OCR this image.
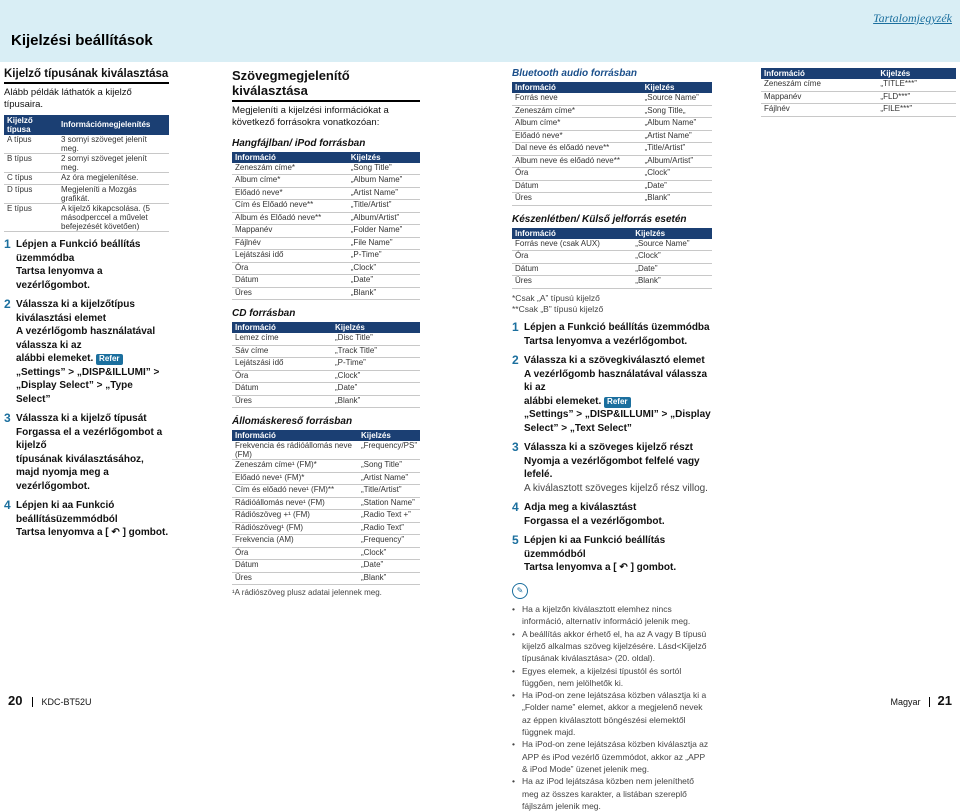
Kijelzési beállítások
Tartalomjegyzék
Kijelző típusának kiválasztása
Alább példák láthatók a kijelző típusaira.
Kijelző típusa	Információmegjelenítés
A típus	3 sornyi szöveget jelenít meg.
B típus	2 sornyi szöveget jelenít meg.
C típus	Az óra megjelenítése.
D típus	Megjeleníti a Mozgás grafikát.
E típus	A kijelző kikapcsolása. (5 másodperccel a művelet befejezését követően)
1 Lépjen a Funkció beállítás üzemmódba
Tartsa lenyomva a vezérlőgombot.
2 Válassza ki a kijelzőtípus kiválasztási elemet
A vezérlőgomb használatával válassza ki az
alábbi elemeket. Refer
„Settings” > „DISP&ILLUMI” > „Display Select” > „Type Select”
3 Válassza ki a kijelző típusát
Forgassa el a vezérlőgombot a kijelző
típusának kiválasztásához, majd nyomja meg a
vezérlőgombot.
4 Lépjen ki aa Funkció beállításüzemmódból
Tartsa lenyomva a [ ↶ ] gombot.
Szövegmegjelenítő kiválasztása
Megjeleníti a kijelzési információkat a következő forrásokra vonatkozóan:
Hangfájlban/ iPod forrásban
Információ	Kijelzés
Zeneszám címe*	„Song Title”
Album címe*	„Album Name”
Előadó neve*	„Artist Name”
Cím és Előadó neve**	„Title/Artist”
Album és Előadó neve**	„Album/Artist”
Mappanév	„Folder Name”
Fájlnév	„File Name”
Lejátszási idő	„P-Time”
Óra	„Clock”
Dátum	„Date”
Üres	„Blank”
CD forrásban
Információ	Kijelzés
Lemez címe	„Disc Title”
Sáv címe	„Track Title”
Lejátszási idő	„P-Time”
Óra	„Clock”
Dátum	„Date”
Üres	„Blank”
Állomáskereső forrásban
Információ	Kijelzés
Frekvencia és rádióállomás neve (FM)	„Frequency/PS”
Zeneszám címe¹ (FM)*	„Song Title”
Előadó neve¹ (FM)*	„Artist Name”
Cím és előadó neve¹ (FM)**	„Title/Artist”
Rádióállomás neve¹ (FM)	„Station Name”
Rádiószöveg +¹ (FM)	„Radio Text +”
Rádiószöveg¹ (FM)	„Radio Text”
Frekvencia (AM)	„Frequency”
Óra	„Clock”
Dátum	„Date”
Üres	„Blank”
¹A rádiószöveg plusz adatai jelennek meg.
Bluetooth audio forrásban
Információ	Kijelzés
Forrás neve	„Source Name”
Zeneszám címe*	„Song Title„
Album címe*	„Album Name”
Előadó neve*	„Artist Name”
Dal neve és előadó neve**	„Title/Artist”
Album neve és előadó neve**	„Album/Artist”
Óra	„Clock”
Dátum	„Date”
Üres	„Blank”
Készenlétben/ Külső jelforrás esetén
Információ	Kijelzés
Forrás neve (csak AUX)	„Source Name”
Óra	„Clock”
Dátum	„Date”
Üres	„Blank”
*Csak „A” típusú kijelző
**Csak „B” típusú kijelző
1 Lépjen a Funkció beállítás üzemmódba
Tartsa lenyomva a vezérlőgombot.
2 Válassza ki a szövegkiválasztó elemet
A vezérlőgomb használatával válassza ki az
alábbi elemeket. Refer
„Settings” > „DISP&ILLUMI” > „Display Select” > „Text Select”
3 Válassza ki a szöveges kijelző részt
Nyomja a vezérlőgombot felfelé vagy lefelé.
A kiválasztott szöveges kijelző rész villog.
4 Adja meg a kiválasztást
Forgassa el a vezérlőgombot.
5 Lépjen ki aa Funkció beállítás üzemmódból
Tartsa lenyomva a [ ↶ ] gombot.
✎
• Ha a kijelzőn kiválasztott elemhez nincs információ, alternatív információ jelenik meg.
• A beállítás akkor érhető el, ha az A vagy B típusú kijelző alkalmas szöveg kijelzésére. Lásd<Kijelző típusának kiválasztása> (20. oldal).
• Egyes elemek, a kijelzési típustól és sortól függően, nem jelölhetők ki.
• Ha iPod-on zene lejátszása közben választja ki a „Folder name” elemet, akkor a megjelenő nevek az éppen kiválasztott böngészési elemektől függnek majd.
• Ha iPod-on zene lejátszása közben kiválasztja az APP és iPod vezérlő üzemmódot, akkor az „APP & iPod Mode” üzenet jelenik meg.
• Ha az iPod lejátszása közben nem jeleníthető meg az összes karakter, a listában szereplő fájlszám jelenik meg.
Információ	Kijelzés
Zeneszám címe	„TITLE***”
Mappanév	„FLD***”
Fájlnév	„FILE***”
20 KDC-BT52U	Magyar 21
